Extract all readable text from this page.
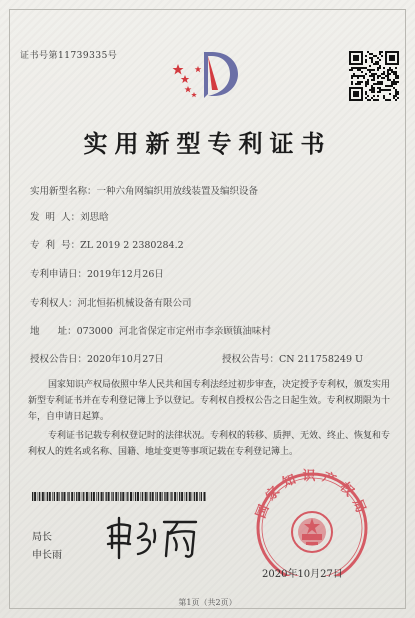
证书号第11739335号
实用新型专利证书
实用新型名称：一种六角网编织用放线装置及编织设备
发  明  人：刘思晗
专  利  号：ZL 2019 2 2380284.2
专利申请日：2019年12月26日
专利权人：河北恒拓机械设备有限公司
地      址：073000  河北省保定市定州市李亲顾镇油味村
授权公告日：2020年10月27日	授权公告号：CN 211758249 U
国家知识产权局依照中华人民共和国专利法经过初步审查，决定授予专利权，颁发实用新型专利证书并在专利登记簿上予以登记。专利权自授权公告之日起生效。专利权期限为十年，自申请日起算。
专利证书记载专利权登记时的法律状况。专利权的转移、质押、无效、终止、恢复和专利权人的姓名或名称、国籍、地址变更等事项记载在专利登记簿上。
局长
申长雨
国家知识产权局
2020年10月27日
第1页（共2页）
